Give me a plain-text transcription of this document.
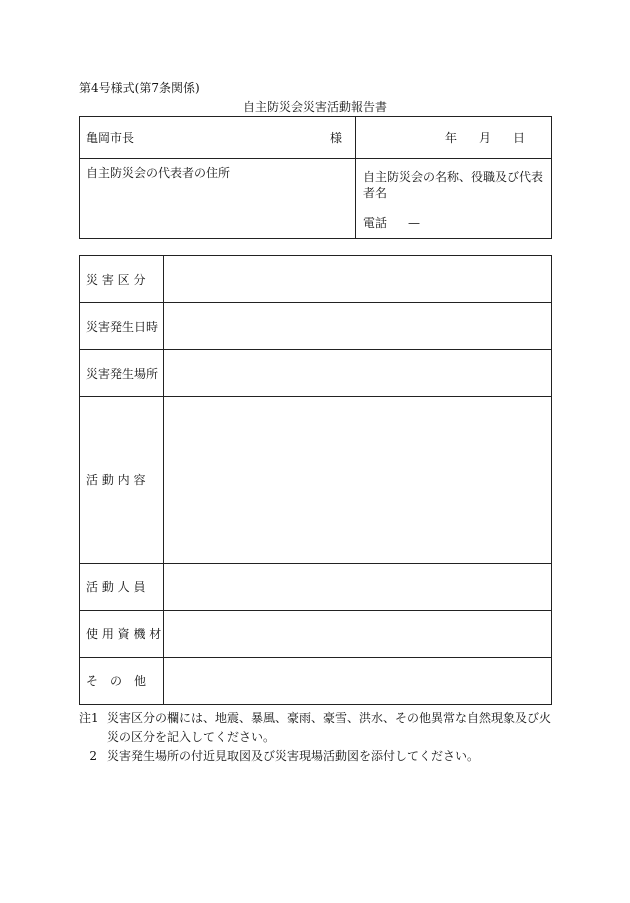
第4号様式(第7条関係)
自主防災会災害活動報告書
亀岡市長	様	年 月 日
自主防災会の代表者の住所	自主防災会の名称、役職及び代表
者名
電話 —
災 害 区 分
災害発生日時
災害発生場所
活 動 内 容
活 動 人 員
使 用 資 機 材
そ　の　他
注1 災害区分の欄には、地震、暴風、豪雨、豪雪、洪水、その他異常な自然現象及び火
災の区分を記入してください。
2 災害発生場所の付近見取図及び災害現場活動図を添付してください。
